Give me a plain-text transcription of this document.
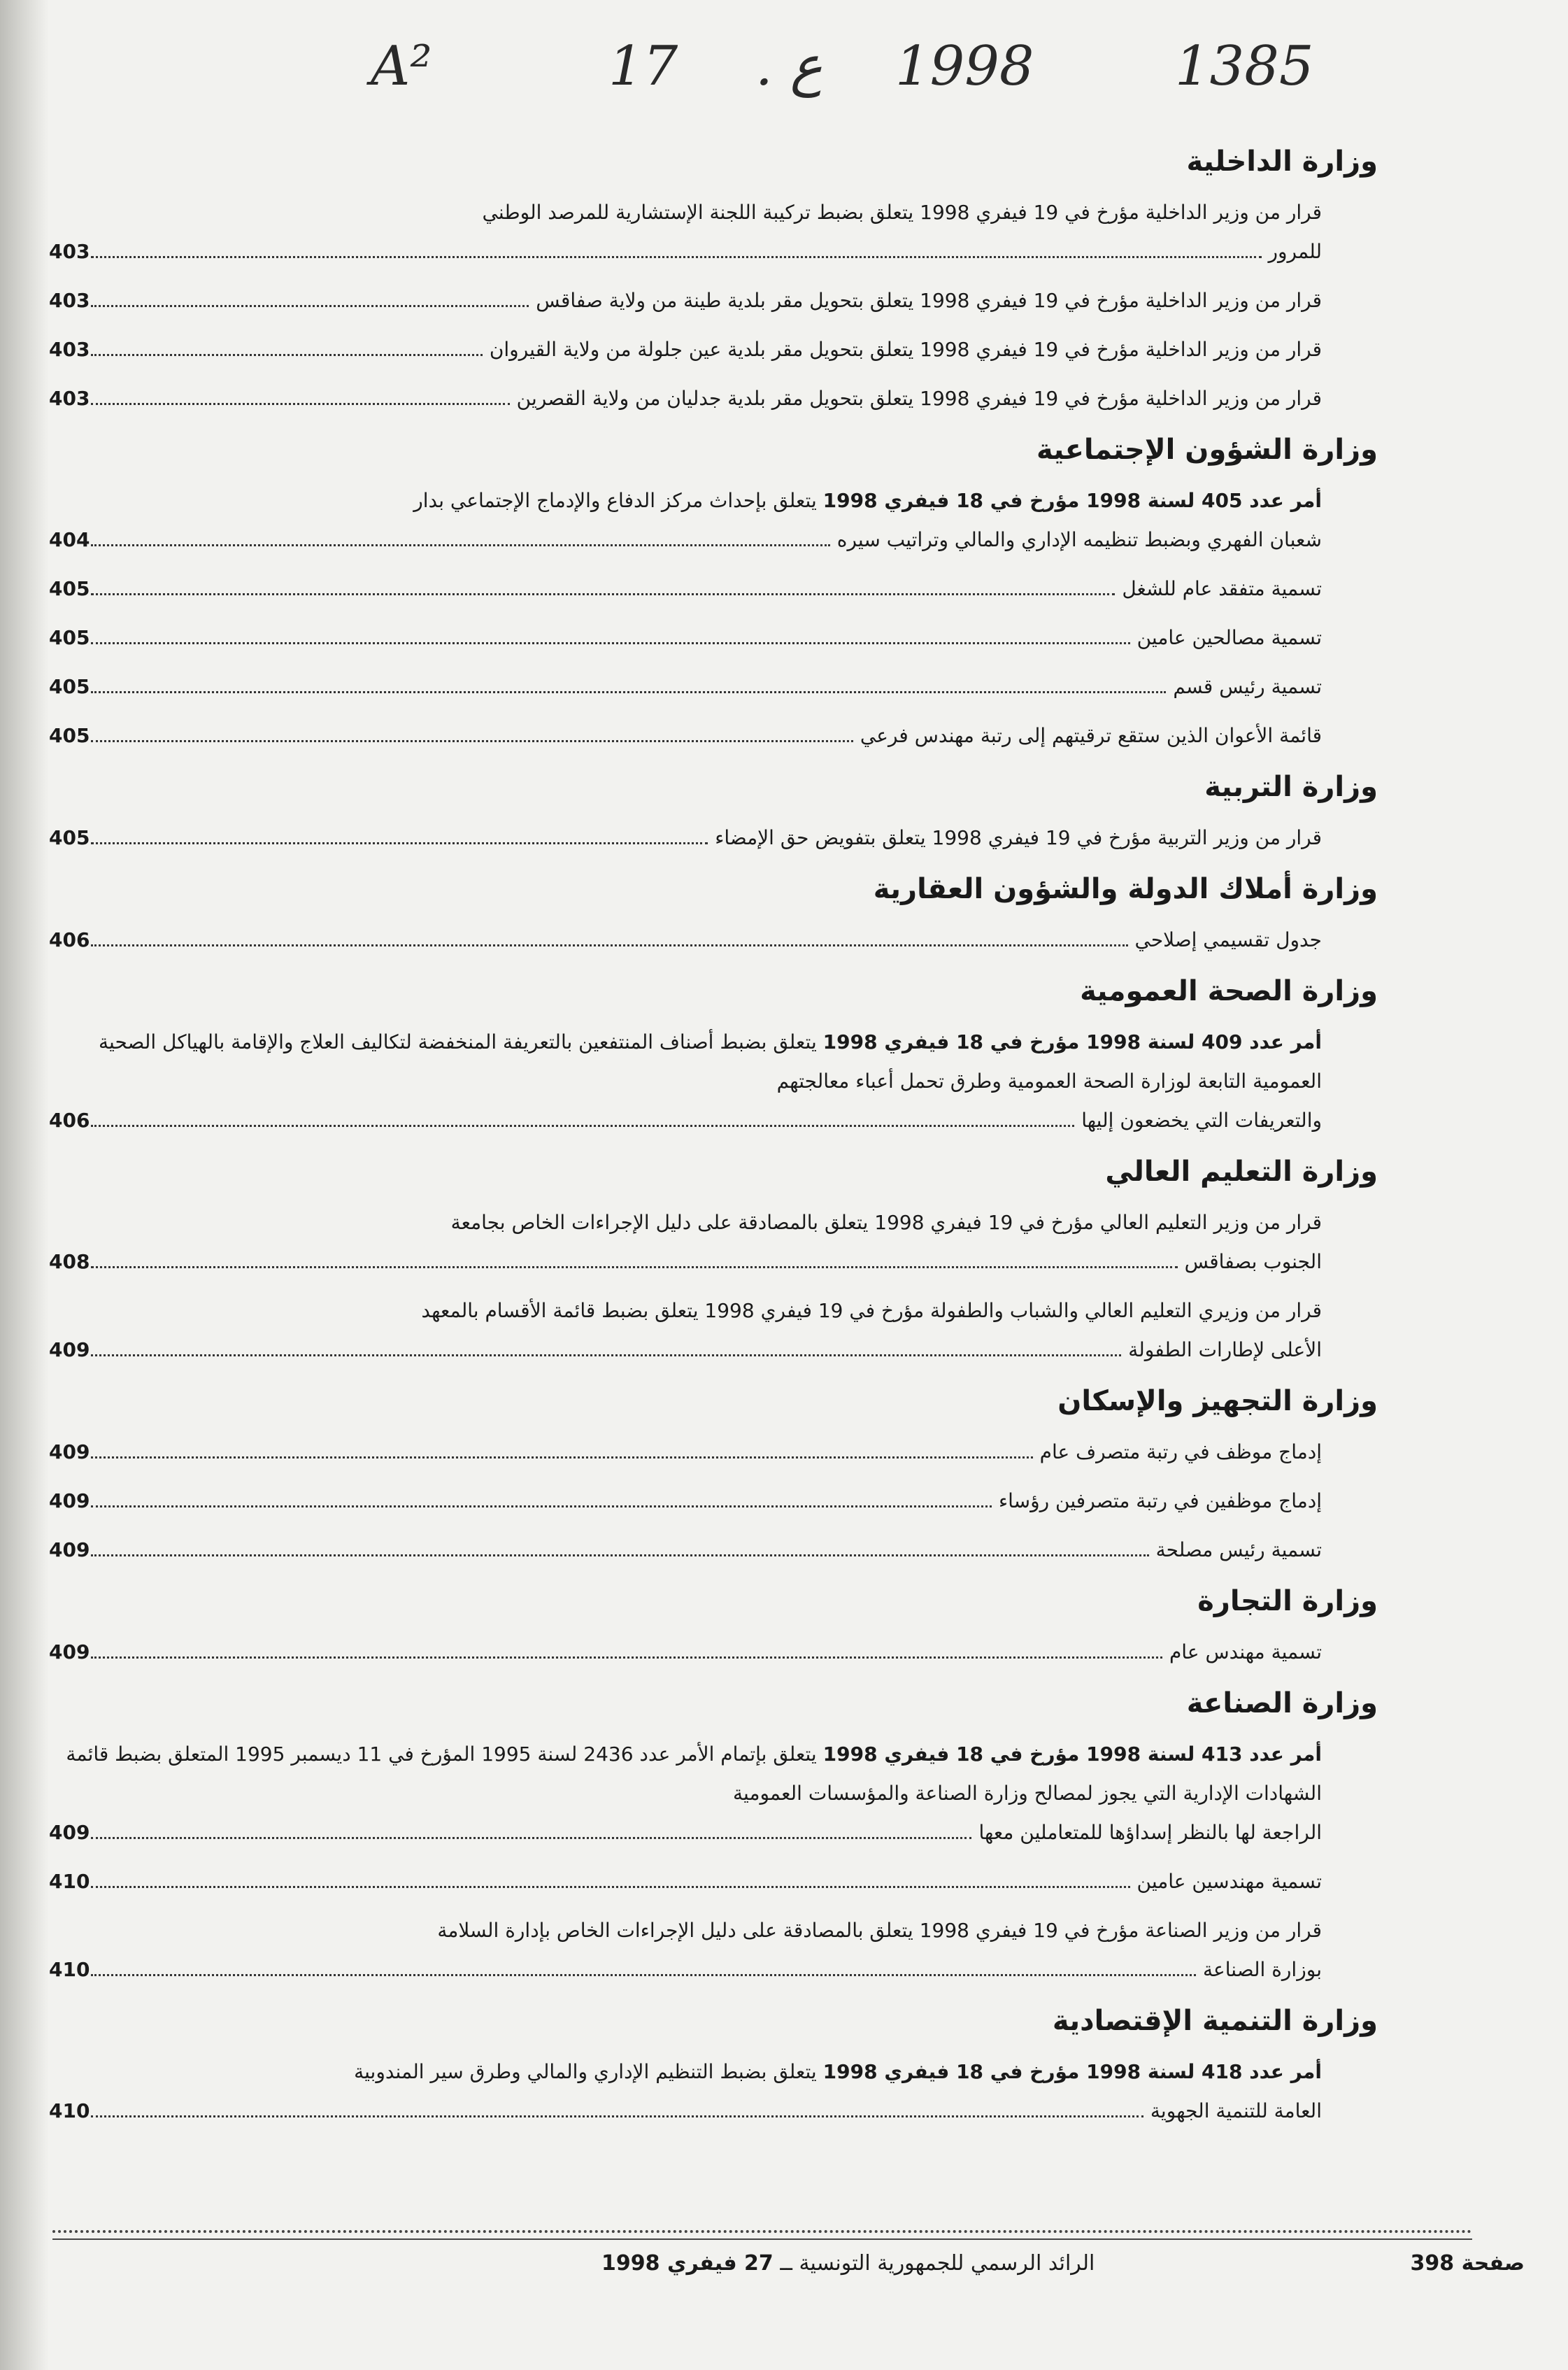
A²	17 . ع 1998	1385
وزارة الداخلية
قرار من وزير الداخلية مؤرخ في 19 فيفري 1998 يتعلق بضبط تركيبة اللجنة الإستشارية للمرصد الوطني
للمرور
403
قرار من وزير الداخلية مؤرخ في 19 فيفري 1998 يتعلق بتحويل مقر بلدية طينة من ولاية صفاقس
403
قرار من وزير الداخلية مؤرخ في 19 فيفري 1998 يتعلق بتحويل مقر بلدية عين جلولة من ولاية القيروان
403
قرار من وزير الداخلية مؤرخ في 19 فيفري 1998 يتعلق بتحويل مقر بلدية جدليان من ولاية القصرين
403
وزارة الشؤون الإجتماعية
أمر عدد 405 لسنة 1998 مؤرخ في 18 فيفري 1998 يتعلق بإحداث مركز الدفاع والإدماج الإجتماعي بدار
شعبان الفهري وبضبط تنظيمه الإداري والمالي وتراتيب سيره
404
تسمية متفقد عام للشغل
405
تسمية مصالحين عامين
405
تسمية رئيس قسم
405
قائمة الأعوان الذين ستقع ترقيتهم إلى رتبة مهندس فرعي
405
وزارة التربية
قرار من وزير التربية مؤرخ في 19 فيفري 1998 يتعلق بتفويض حق الإمضاء
405
وزارة أملاك الدولة والشؤون العقارية
جدول تقسيمي إصلاحي
406
وزارة الصحة العمومية
أمر عدد 409 لسنة 1998 مؤرخ في 18 فيفري 1998 يتعلق بضبط أصناف المنتفعين بالتعريفة المنخفضة لتكاليف العلاج والإقامة بالهياكل الصحية العمومية التابعة لوزارة الصحة العمومية وطرق تحمل أعباء معالجتهم
والتعريفات التي يخضعون إليها
406
وزارة التعليم العالي
قرار من وزير التعليم العالي مؤرخ في 19 فيفري 1998 يتعلق بالمصادقة على دليل الإجراءات الخاص بجامعة
الجنوب بصفاقس
408
قرار من وزيري التعليم العالي والشباب والطفولة مؤرخ في 19 فيفري 1998 يتعلق بضبط قائمة الأقسام بالمعهد
الأعلى لإطارات الطفولة
409
وزارة التجهيز والإسكان
إدماج موظف في رتبة متصرف عام
409
إدماج موظفين في رتبة متصرفين رؤساء
409
تسمية رئيس مصلحة
409
وزارة التجارة
تسمية مهندس عام
409
وزارة الصناعة
أمر عدد 413 لسنة 1998 مؤرخ في 18 فيفري 1998 يتعلق بإتمام الأمر عدد 2436 لسنة 1995 المؤرخ في 11 ديسمبر 1995 المتعلق بضبط قائمة الشهادات الإدارية التي يجوز لمصالح وزارة الصناعة والمؤسسات العمومية
الراجعة لها بالنظر إسداؤها للمتعاملين معها
409
تسمية مهندسين عامين
410
قرار من وزير الصناعة مؤرخ في 19 فيفري 1998 يتعلق بالمصادقة على دليل الإجراءات الخاص بإدارة السلامة
بوزارة الصناعة
410
وزارة التنمية الإقتصادية
أمر عدد 418 لسنة 1998 مؤرخ في 18 فيفري 1998 يتعلق بضبط التنظيم الإداري والمالي وطرق سير المندوبية
العامة للتنمية الجهوية
410
صفحة 398
الرائد الرسمي للجمهورية التونسية ــ 27 فيفري 1998
